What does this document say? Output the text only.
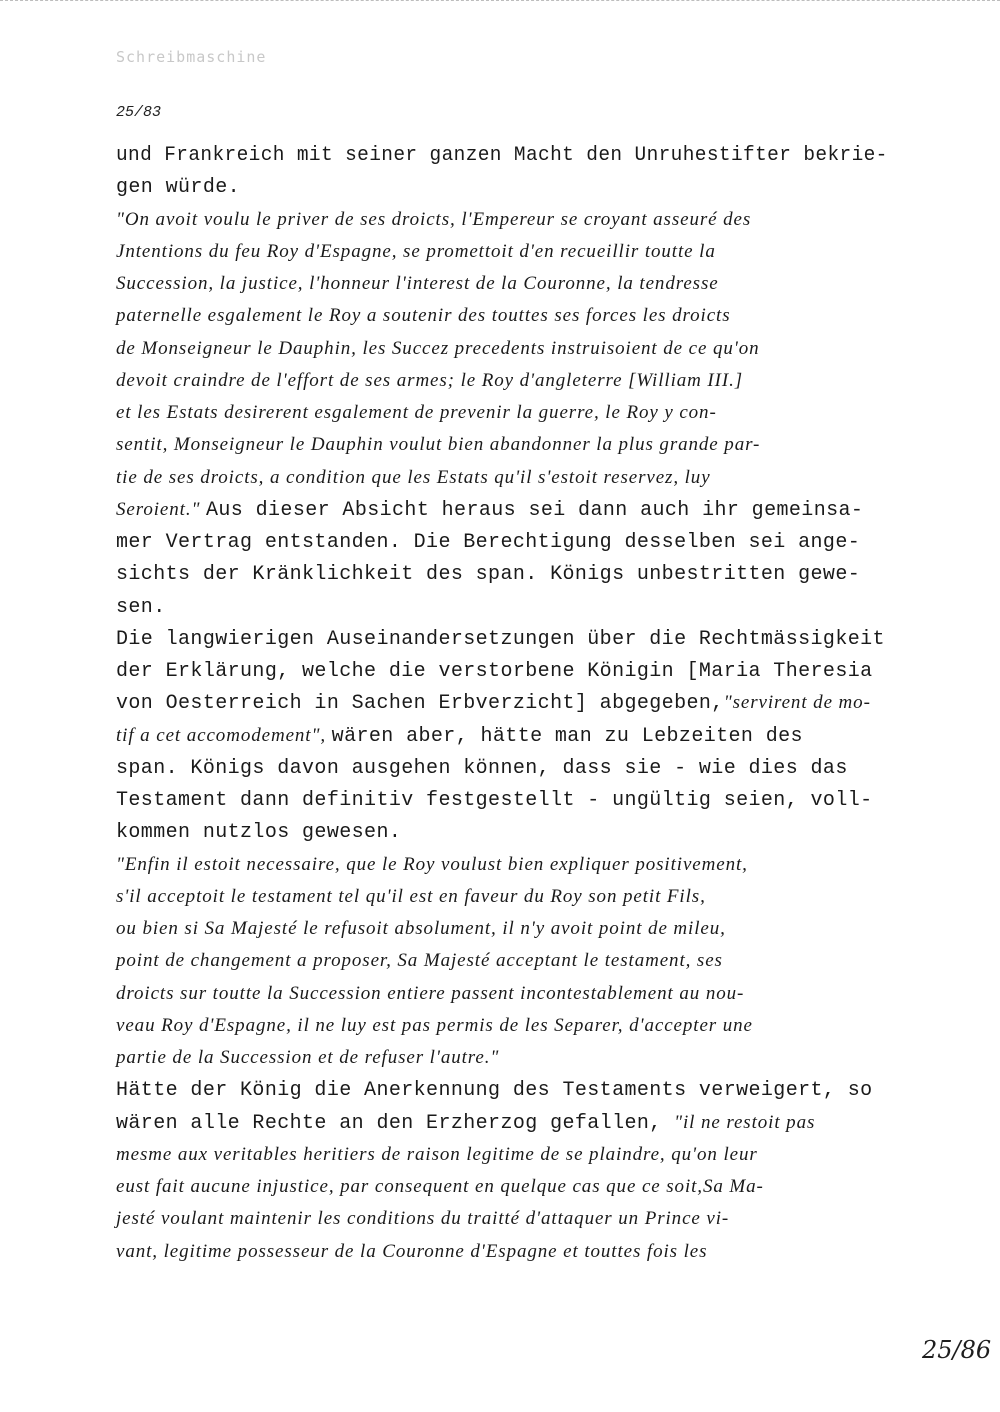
Schreibmaschine
25/83
und Frankreich mit seiner ganzen Macht den Unruhestifter bekrie-
gen würde.
"On avoit voulu le priver de ses droicts, l'Empereur se croyant asseuré des
Jntentions du feu Roy d'Espagne, se promettoit d'en recueillir toutte la
Succession, la justice, l'honneur l'interest de la Couronne, la tendresse
paternelle esgalement le Roy a soutenir des touttes ses forces les droicts
de Monseigneur le Dauphin, les Succez precedents instruisoient de ce qu'on
devoit craindre de l'effort de ses armes; le Roy d'angleterre [William III.]
et les Estats desirerent esgalement de prevenir la guerre, le Roy y con-
sentit, Monseigneur le Dauphin voulut bien abandonner la plus grande par-
tie de ses droicts, a condition que les Estats qu'il s'estoit reservez, luy
Seroient." Aus dieser Absicht heraus sei dann auch ihr gemeinsa-
mer Vertrag entstanden. Die Berechtigung desselben sei ange-
sichts der Kränklichkeit des span. Königs unbestritten gewe-
sen.
Die langwierigen Auseinandersetzungen über die Rechtmässigkeit
der Erklärung, welche die verstorbene Königin [Maria Theresia
von Oesterreich in Sachen Erbverzicht] abgegeben,"servirent de mo-
tif a cet accomodement", wären aber, hätte man zu Lebzeiten des
span. Königs davon ausgehen können, dass sie - wie dies das
Testament dann definitiv festgestellt - ungültig seien, voll-
kommen nutzlos gewesen.
"Enfin il estoit necessaire, que le Roy voulust bien expliquer positivement,
s'il acceptoit le testament tel qu'il est en faveur du Roy son petit Fils,
ou bien si Sa Majesté le refusoit absolument, il n'y avoit point de mileu,
point de changement a proposer, Sa Majesté acceptant le testament, ses
droicts sur toutte la Succession entiere passent incontestablement au nou-
veau Roy d'Espagne, il ne luy est pas permis de les Separer, d'accepter une
partie de la Succession et de refuser l'autre."
Hätte der König die Anerkennung des Testaments verweigert, so
wären alle Rechte an den Erzherzog gefallen, "il ne restoit pas
mesme aux veritables heritiers de raison legitime de se plaindre, qu'on leur
eust fait aucune injustice, par consequent en quelque cas que ce soit,Sa Ma-
jesté voulant maintenir les conditions du traitté d'attaquer un Prince vi-
vant, legitime possesseur de la Couronne d'Espagne et touttes fois les
25/86
